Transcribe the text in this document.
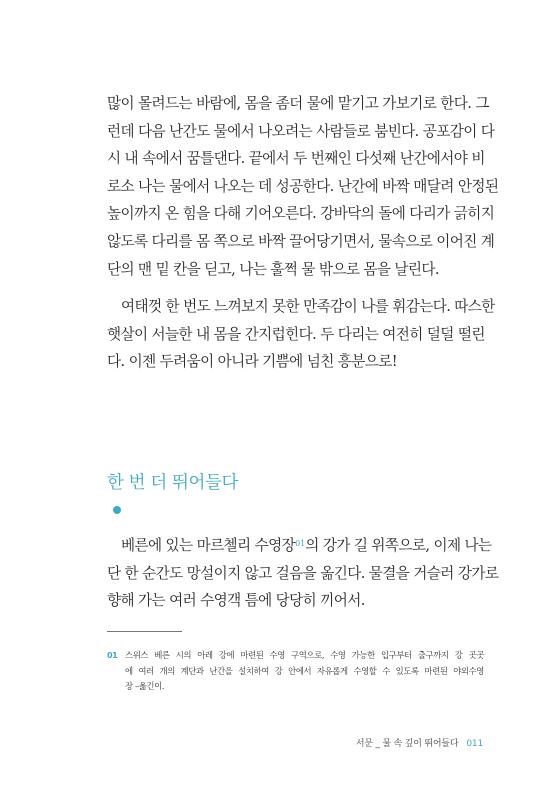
많이 몰려드는 바람에, 몸을 좀더 물에 맡기고 가보기로 한다. 그
런데 다음 난간도 물에서 나오려는 사람들로 붐빈다. 공포감이 다
시 내 속에서 꿈틀댄다. 끝에서 두 번째인 다섯째 난간에서야 비
로소 나는 물에서 나오는 데 성공한다. 난간에 바짝 매달려 안정된
높이까지 온 힘을 다해 기어오른다. 강바닥의 돌에 다리가 긁히지
않도록 다리를 몸 쪽으로 바짝 끌어당기면서, 물속으로 이어진 계
단의 맨 밑 칸을 딛고, 나는 훌쩍 물 밖으로 몸을 날린다.

여태껏 한 번도 느껴보지 못한 만족감이 나를 휘감는다. 따스한
햇살이 서늘한 내 몸을 간지럽힌다. 두 다리는 여전히 덜덜 떨린
다. 이젠 두려움이 아니라 기쁨에 넘친 흥분으로!

한 번 더 뛰어들다

베른에 있는 마르첼리 수영장$^{01}$의 강가 길 위쪽으로, 이제 나는
단 한 순간도 망설이지 않고 걸음을 옮긴다. 물결을 거슬러 강가로
향해 가는 여러 수영객 틈에 당당히 끼어서.

01 스위스 베른 시의 아레 강에 마련된 수영 구역으로, 수영 가능한 입구부터 출구까지 강 곳곳
에 여러 개의 계단과 난간을 설치하여 강 안에서 자유롭게 수영할 수 있도록 마련된 야외수영
장 –옮긴이.
서문 _ 물 속 깊이 뛰어들다 011
